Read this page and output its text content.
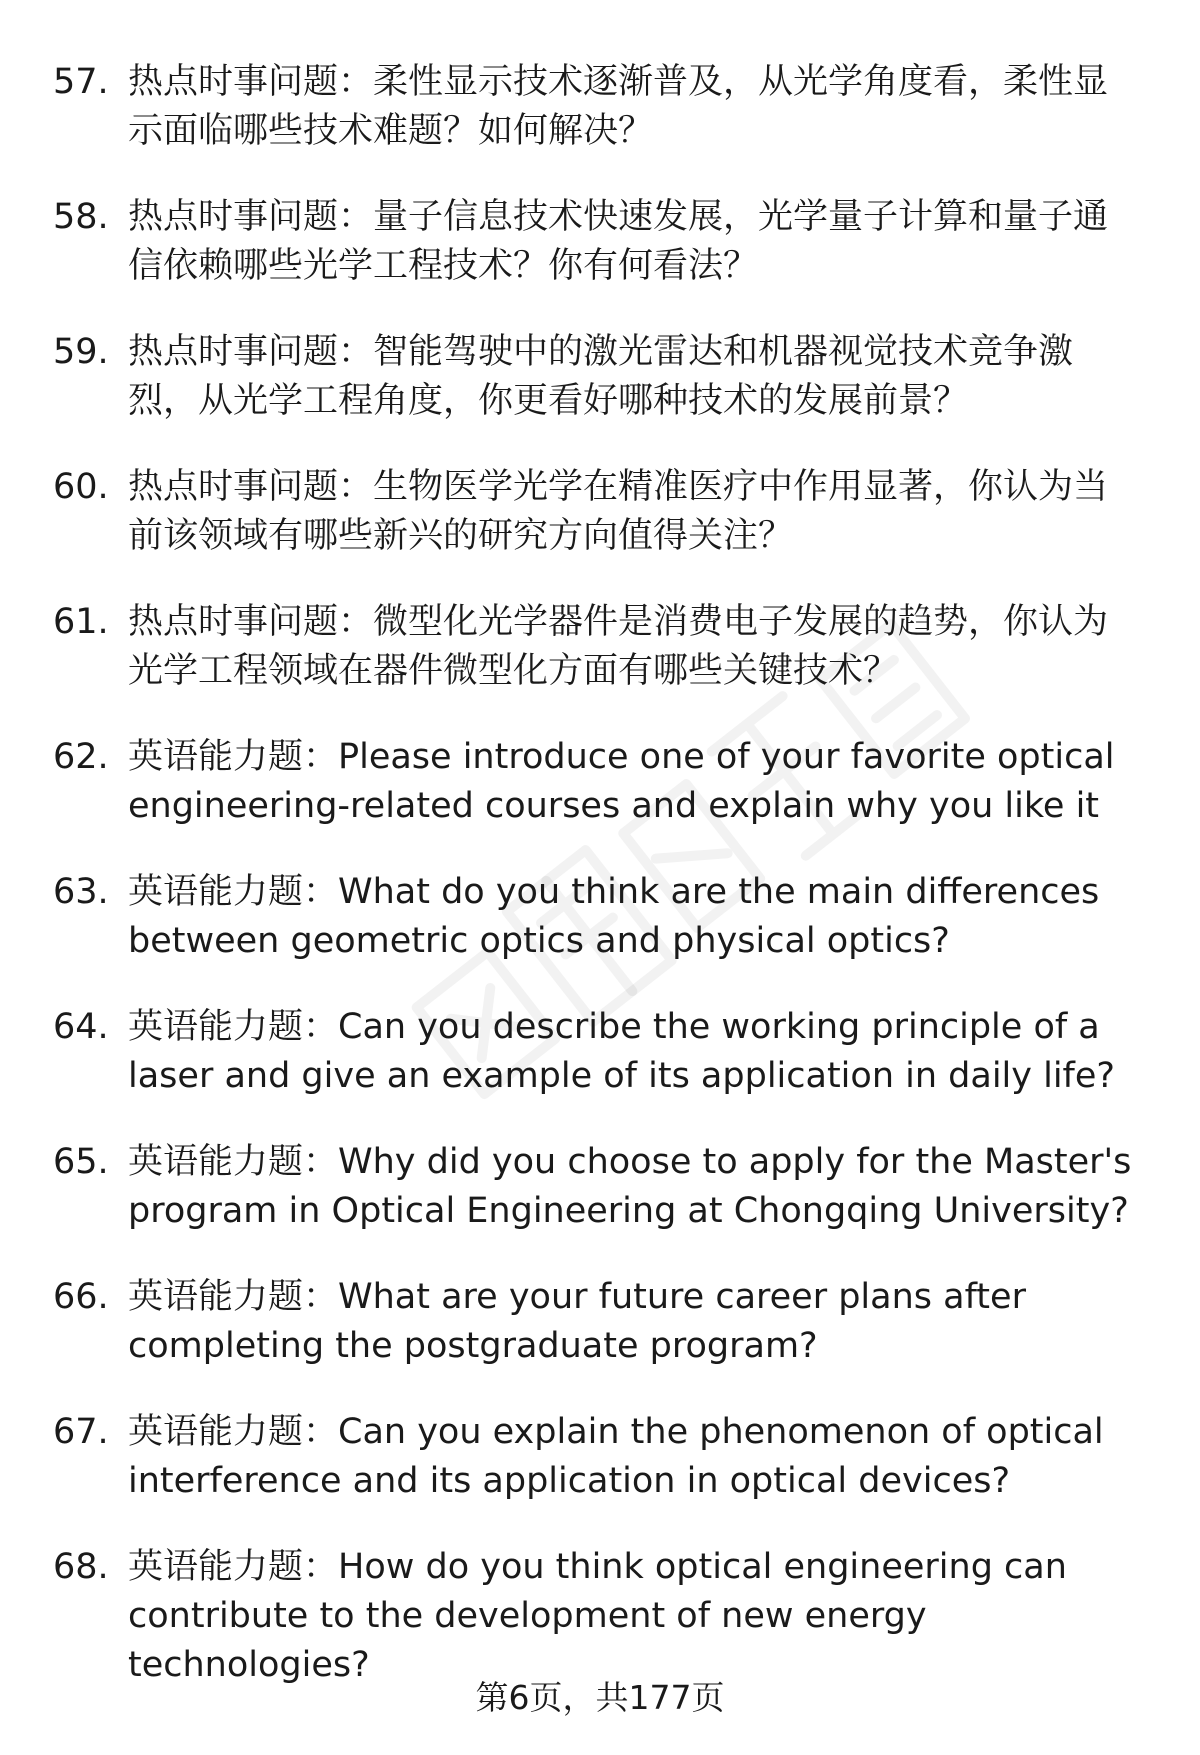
57. 热点时事问题：柔性显示技术逐渐普及，从光学角度看，柔性显示面临哪些技术难题？如何解决？
58. 热点时事问题：量子信息技术快速发展，光学量子计算和量子通信依赖哪些光学工程技术？你有何看法？
59. 热点时事问题：智能驾驶中的激光雷达和机器视觉技术竞争激烈，从光学工程角度，你更看好哪种技术的发展前景？
60. 热点时事问题：生物医学光学在精准医疗中作用显著，你认为当前该领域有哪些新兴的研究方向值得关注？
61. 热点时事问题：微型化光学器件是消费电子发展的趋势，你认为光学工程领域在器件微型化方面有哪些关键技术？
62. 英语能力题：Please introduce one of your favorite optical engineering-related courses and explain why you like it
63. 英语能力题：What do you think are the main differences between geometric optics and physical optics?
64. 英语能力题：Can you describe the working principle of a laser and give an example of its application in daily life?
65. 英语能力题：Why did you choose to apply for the Master's program in Optical Engineering at Chongqing University?
66. 英语能力题：What are your future career plans after completing the postgraduate program?
67. 英语能力题：Can you explain the phenomenon of optical interference and its application in optical devices?
68. 英语能力题：How do you think optical engineering can contribute to the development of new energy technologies?
第6页，共177页
